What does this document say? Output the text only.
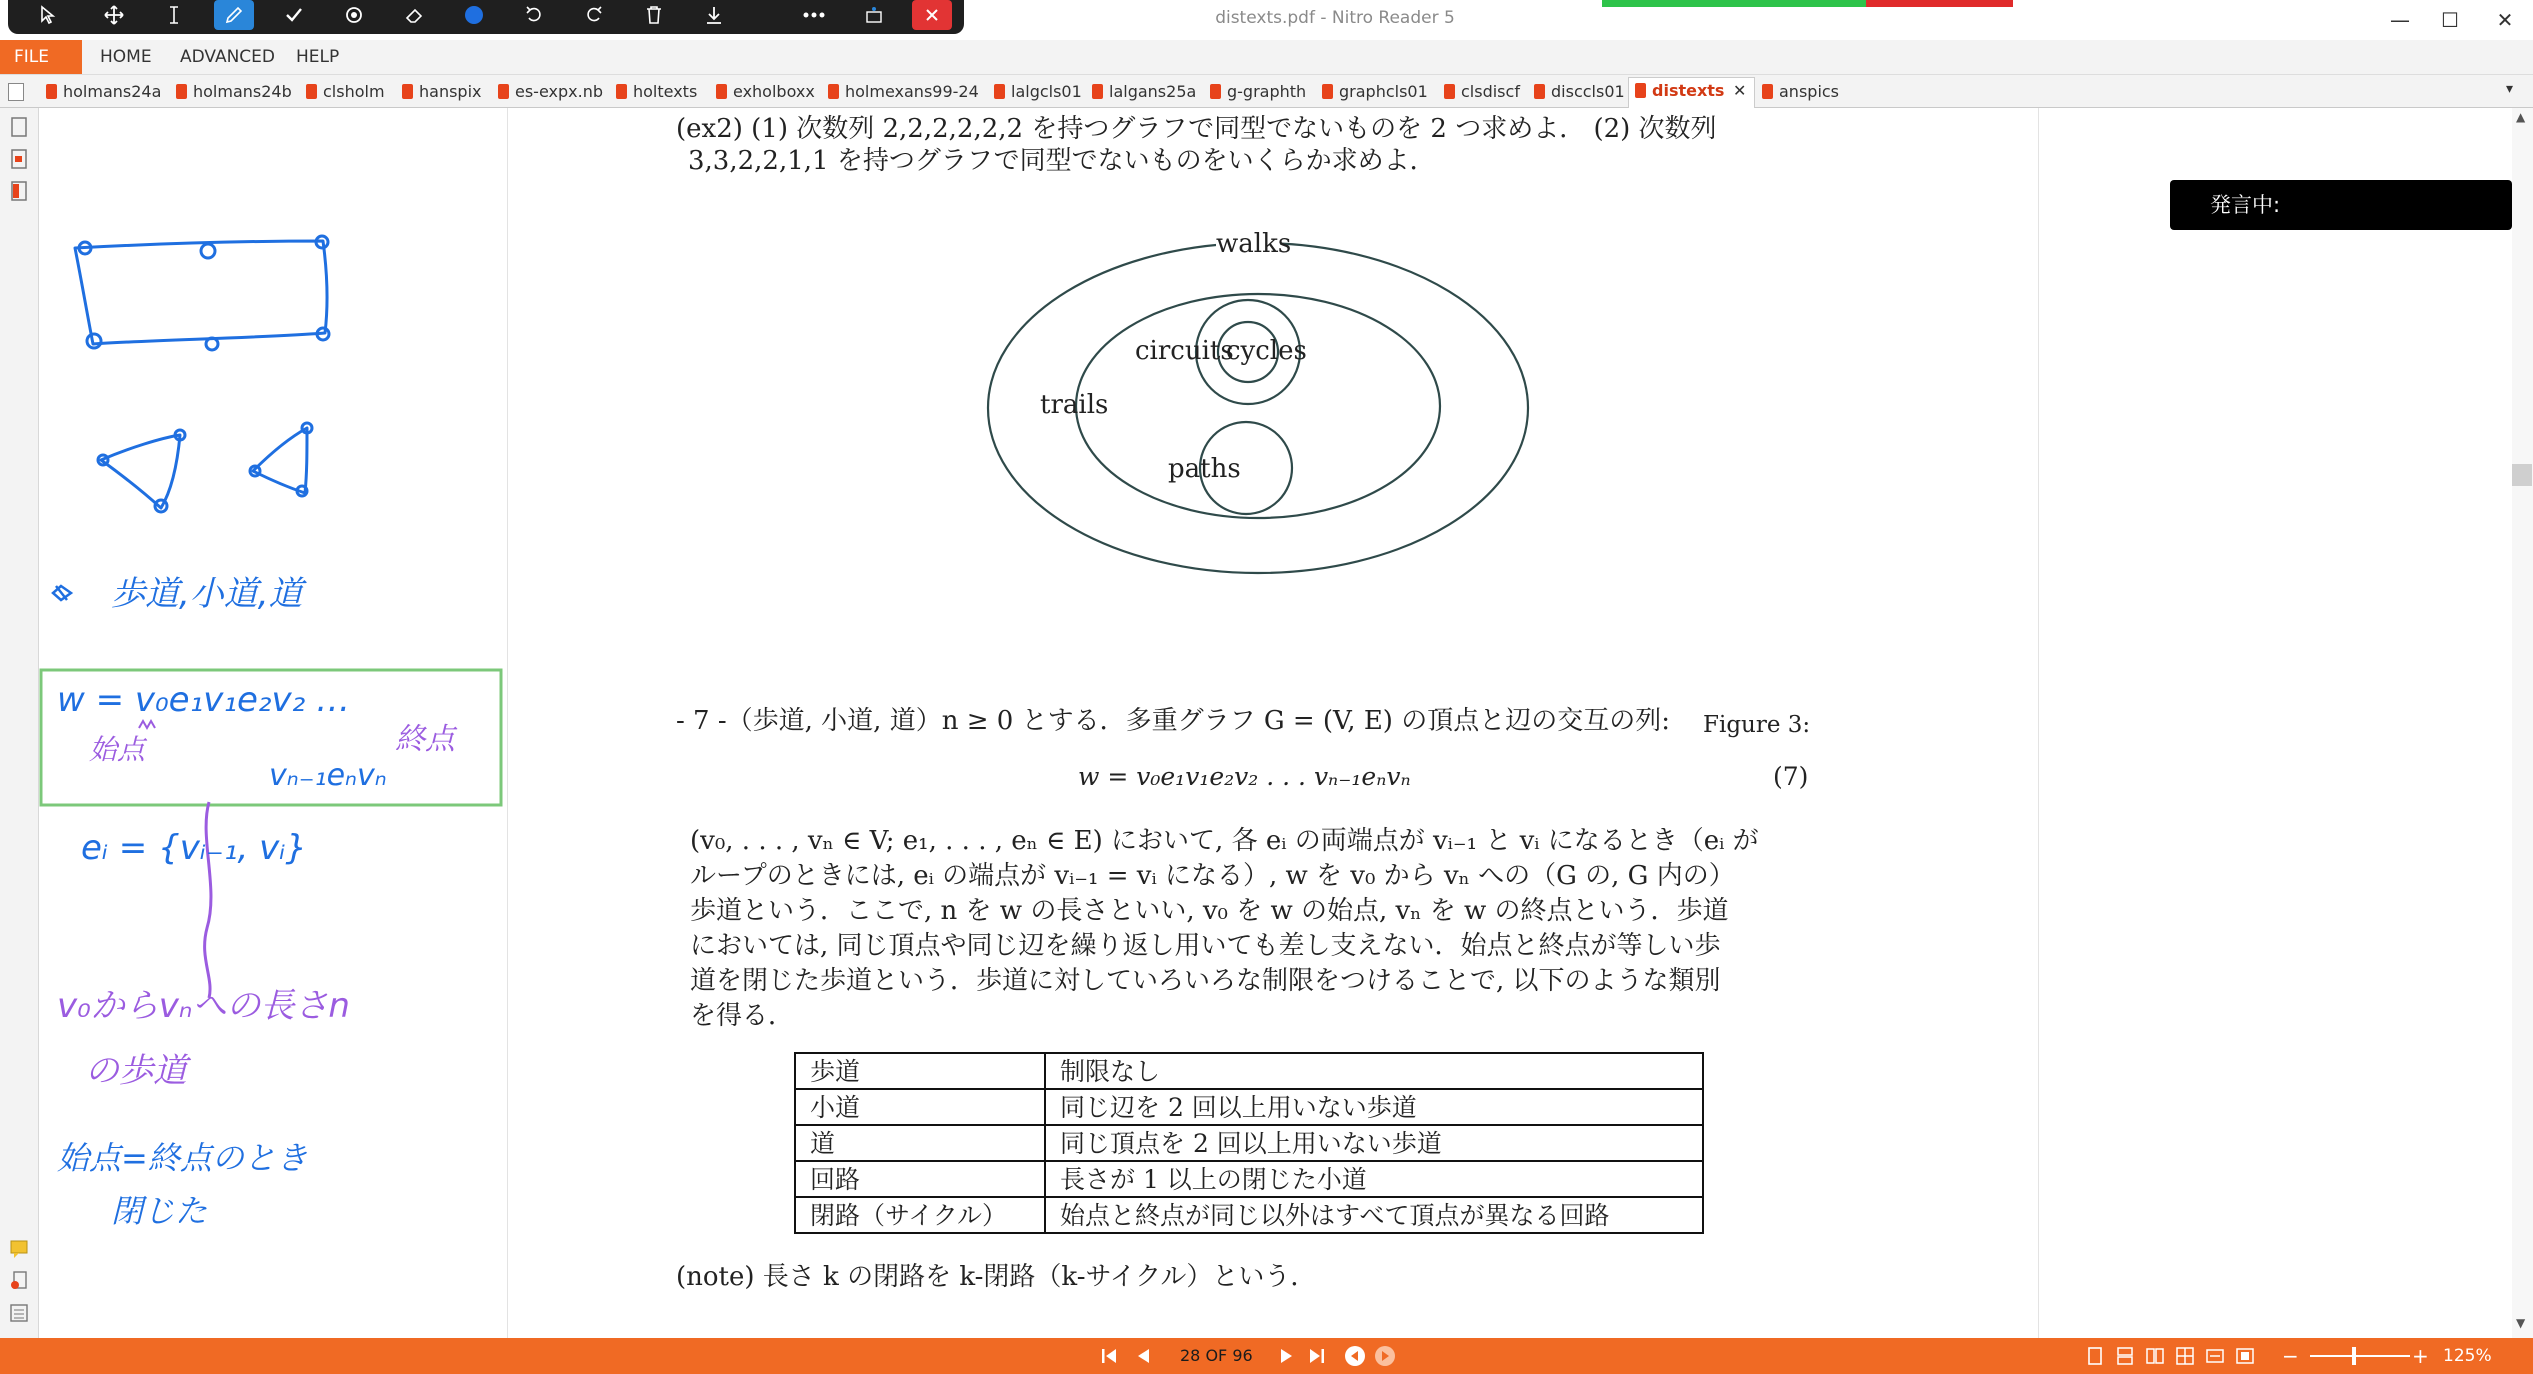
distexts.pdf - Nitro Reader 5	—	☐	✕
FILE	HOME	ADVANCED	HELP
holmans24a	holmans24b	clsholm	hanspix	es-expx.nb	holtexts	exholboxx	holmexans99-24	lalgcls01	lalgans25a	g-graphth	graphcls01	clsdiscf	disccls01	distexts ✕	anspics	▾
歩道,小道,道
w = v₀e₁v₁e₂v₂ …
始点	終点
vₙ₋₁eₙvₙ
eᵢ = {vᵢ₋₁, vᵢ}
v₀からvₙへの長さn
の歩道
始点=終点のとき
閉じた
(ex2) (1) 次数列 2,2,2,2,2,2 を持つグラフで同型でないものを 2 つ求めよ． (2) 次数列
3,3,2,2,1,1 を持つグラフで同型でないものをいくらか求めよ．
walks
trails
circuits
cycles
paths
Figure 3:
- 7 -（歩道, 小道, 道）n ≥ 0 とする．多重グラフ G = (V, E) の頂点と辺の交互の列:
w = v₀e₁v₁e₂v₂ . . . vₙ₋₁eₙvₙ	(7)
(v₀, . . . , vₙ ∈ V; e₁, . . . , eₙ ∈ E) において, 各 eᵢ の両端点が vᵢ₋₁ と vᵢ になるとき（eᵢ が
ループのときには, eᵢ の端点が vᵢ₋₁ = vᵢ になる）, w を v₀ から vₙ への（G の, G 内の）
歩道という．ここで, n を w の長さといい, v₀ を w の始点, vₙ を w の終点という．歩道
においては, 同じ頂点や同じ辺を繰り返し用いても差し支えない．始点と終点が等しい歩
道を閉じた歩道という．歩道に対していろいろな制限をつけることで, 以下のような類別
を得る．
歩道	制限なし
小道	同じ辺を 2 回以上用いない歩道
道	同じ頂点を 2 回以上用いない歩道
回路	長さが 1 以上の閉じた小道
閉路（サイクル）	始点と終点が同じ以外はすべて頂点が異なる回路
(note) 長さ k の閉路を k-閉路（k-サイクル）という．
発言中:
▲
▼
28 OF 96	−	+ 125%
